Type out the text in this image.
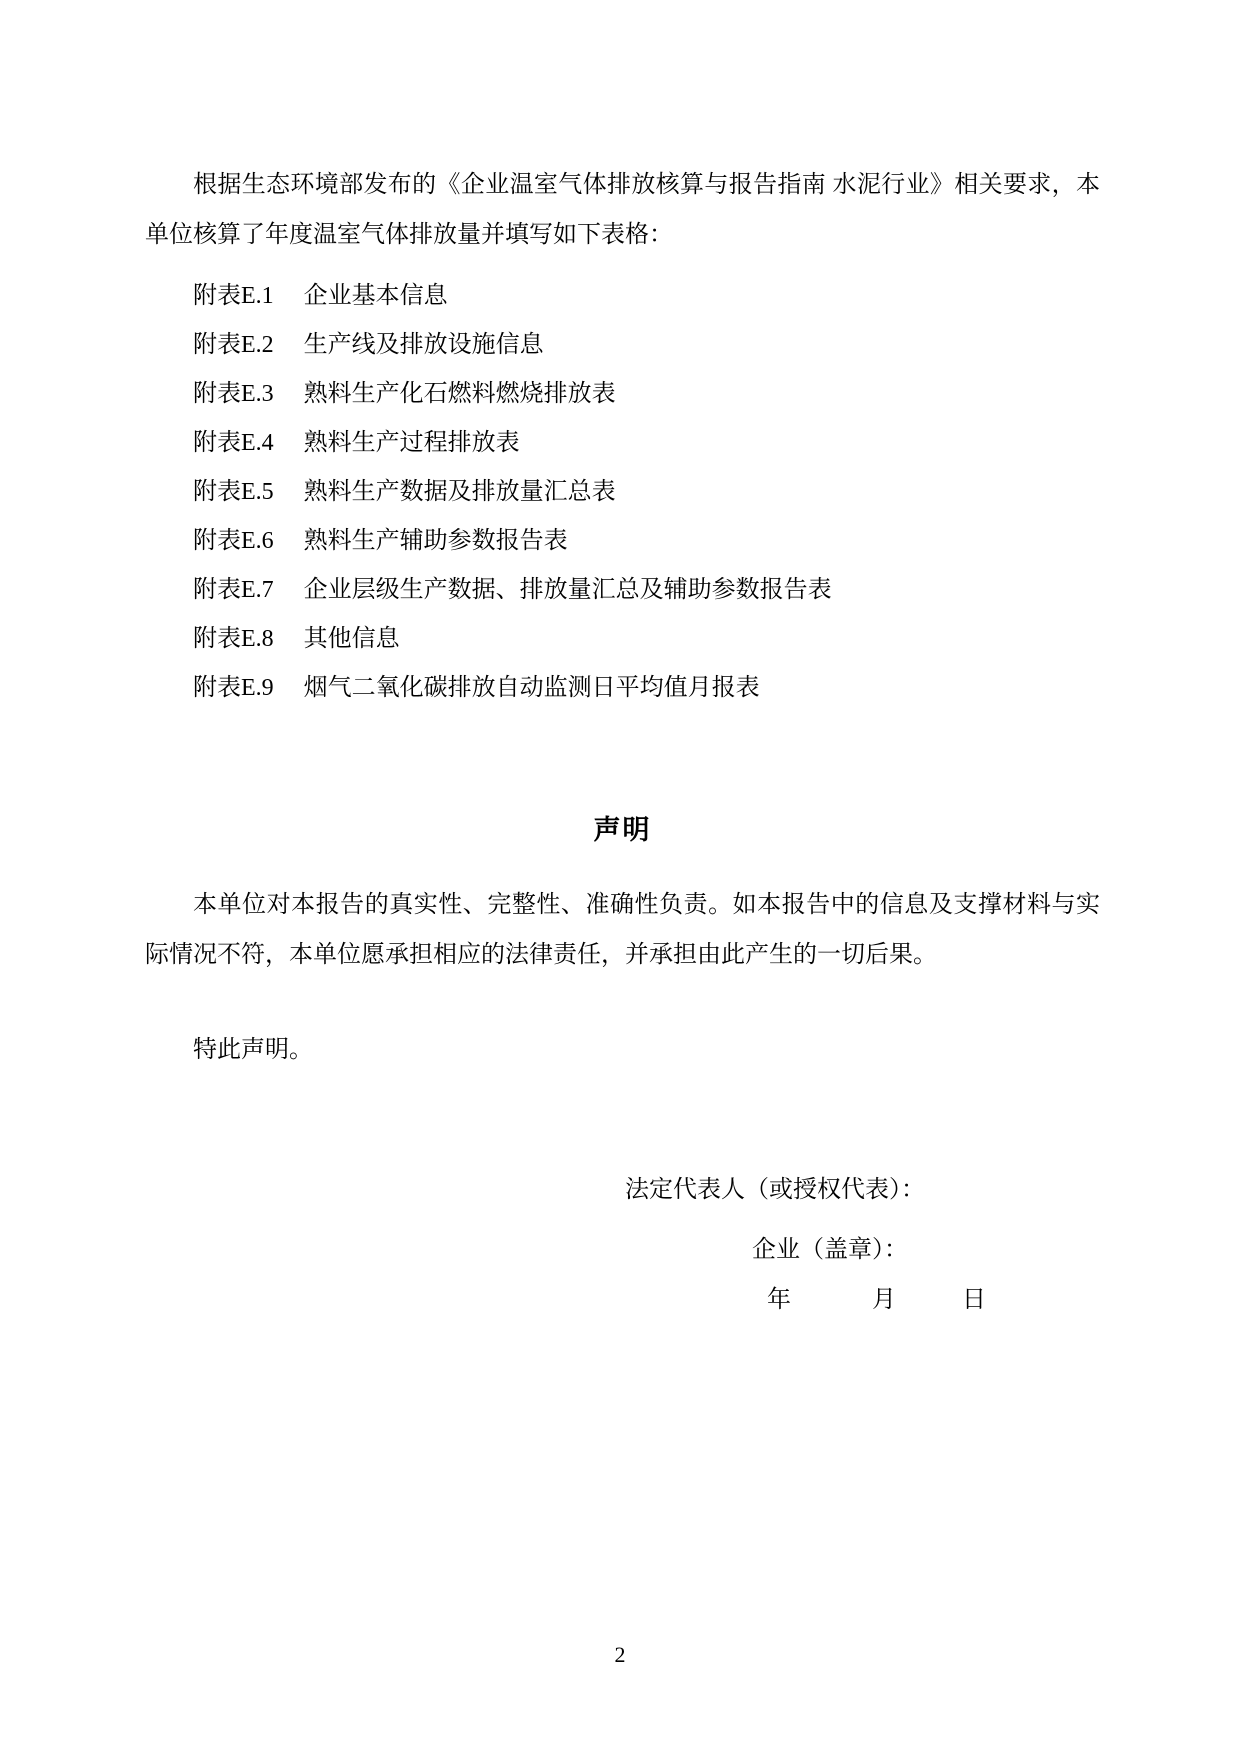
根据生态环境部发布的《企业温室气体排放核算与报告指南 水泥行业》相关要求，本单位核算了年度温室气体排放量并填写如下表格：

附表E.1 企业基本信息
附表E.2 生产线及排放设施信息
附表E.3 熟料生产化石燃料燃烧排放表
附表E.4 熟料生产过程排放表
附表E.5 熟料生产数据及排放量汇总表
附表E.6 熟料生产辅助参数报告表
附表E.7 企业层级生产数据、排放量汇总及辅助参数报告表
附表E.8 其他信息
附表E.9 烟气二氧化碳排放自动监测日平均值月报表
声明

本单位对本报告的真实性、完整性、准确性负责。如本报告中的信息及支撑材料与实际情况不符，本单位愿承担相应的法律责任，并承担由此产生的一切后果。

特此声明。

法定代表人（或授权代表）：
企业（盖章）：
年	月	日
2
